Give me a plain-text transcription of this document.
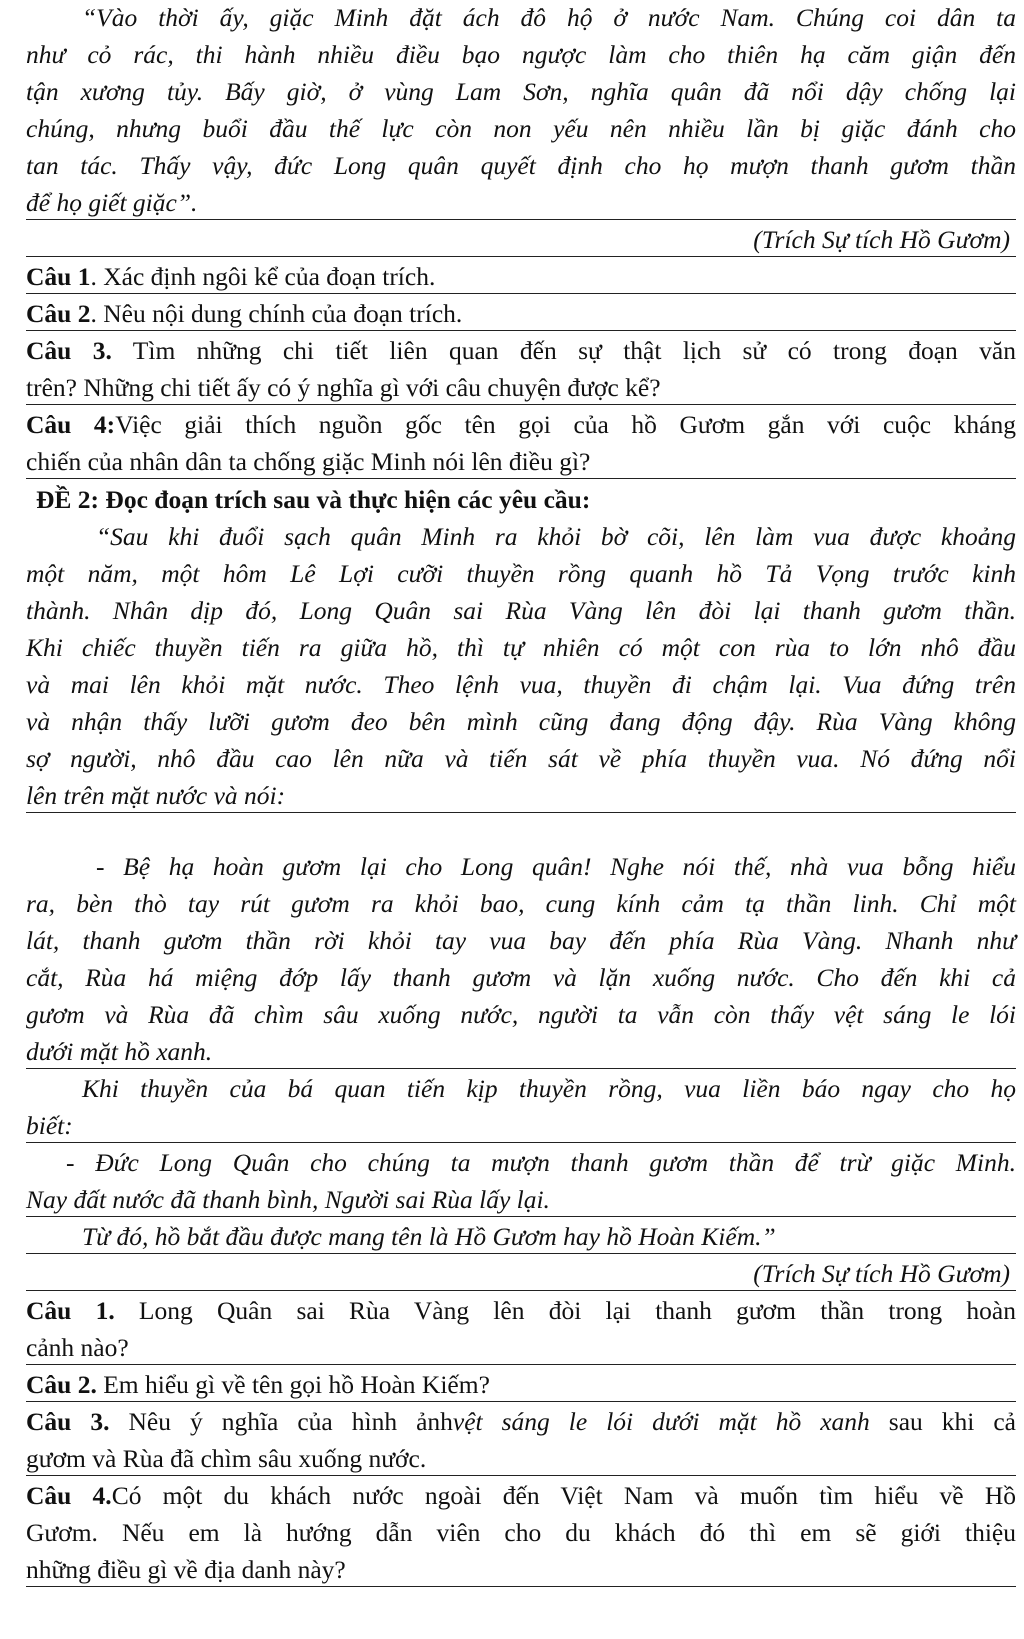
“Vào thời ấy, giặc Minh đặt ách đô hộ ở nước Nam. Chúng coi dân ta
như cỏ rác, thi hành nhiều điều bạo ngược làm cho thiên hạ căm giận đến
tận xương tủy. Bấy giờ, ở vùng Lam Sơn, nghĩa quân đã nổi dậy chống lại
chúng, nhưng buổi đầu thế lực còn non yếu nên nhiều lần bị giặc đánh cho
tan tác. Thấy vậy, đức Long quân quyết định cho họ mượn thanh gươm thần
để họ giết giặc”.
(Trích Sự tích Hồ Gươm)
Câu 1. Xác định ngôi kể của đoạn trích.
Câu 2. Nêu nội dung chính của đoạn trích.
Câu 3. Tìm những chi tiết liên quan đến sự thật lịch sử có trong đoạn văn
trên? Những chi tiết ấy có ý nghĩa gì với câu chuyện được kể?
Câu 4:Việc giải thích nguồn gốc tên gọi của hồ Gươm gắn với cuộc kháng
chiến của nhân dân ta chống giặc Minh nói lên điều gì?
ĐỀ 2: Đọc đoạn trích sau và thực hiện các yêu cầu:
“Sau khi đuổi sạch quân Minh ra khỏi bờ cõi, lên làm vua được khoảng
một năm, một hôm Lê Lợi cưỡi thuyền rồng quanh hồ Tả Vọng trước kinh
thành. Nhân dịp đó, Long Quân sai Rùa Vàng lên đòi lại thanh gươm thần.
Khi chiếc thuyền tiến ra giữa hồ, thì tự nhiên có một con rùa to lớn nhô đầu
và mai lên khỏi mặt nước. Theo lệnh vua, thuyền đi chậm lại. Vua đứng trên
và nhận thấy lưỡi gươm đeo bên mình cũng đang động đậy. Rùa Vàng không
sợ người, nhô đầu cao lên nữa và tiến sát về phía thuyền vua. Nó đứng nổi
lên trên mặt nước và nói:
- Bệ hạ hoàn gươm lại cho Long quân! Nghe nói thế, nhà vua bỗng hiểu
ra, bèn thò tay rút gươm ra khỏi bao, cung kính cảm tạ thần linh. Chỉ một
lát, thanh gươm thần rời khỏi tay vua bay đến phía Rùa Vàng. Nhanh như
cắt, Rùa há miệng đớp lấy thanh gươm và lặn xuống nước. Cho đến khi cả
gươm và Rùa đã chìm sâu xuống nước, người ta vẫn còn thấy vệt sáng le lói
dưới mặt hồ xanh.
Khi thuyền của bá quan tiến kịp thuyền rồng, vua liền báo ngay cho họ
biết:
- Đức Long Quân cho chúng ta mượn thanh gươm thần để trừ giặc Minh.
Nay đất nước đã thanh bình, Người sai Rùa lấy lại.
Từ đó, hồ bắt đầu được mang tên là Hồ Gươm hay hồ Hoàn Kiếm.”
(Trích Sự tích Hồ Gươm)
Câu 1. Long Quân sai Rùa Vàng lên đòi lại thanh gươm thần trong hoàn
cảnh nào?
Câu 2. Em hiểu gì về tên gọi hồ Hoàn Kiếm?
Câu 3. Nêu ý nghĩa của hình ảnhvệt sáng le lói dưới mặt hồ xanh sau khi cả
gươm và Rùa đã chìm sâu xuống nước.
Câu 4.Có một du khách nước ngoài đến Việt Nam và muốn tìm hiểu về Hồ
Gươm. Nếu em là hướng dẫn viên cho du khách đó thì em sẽ giới thiệu
những điều gì về địa danh này?
